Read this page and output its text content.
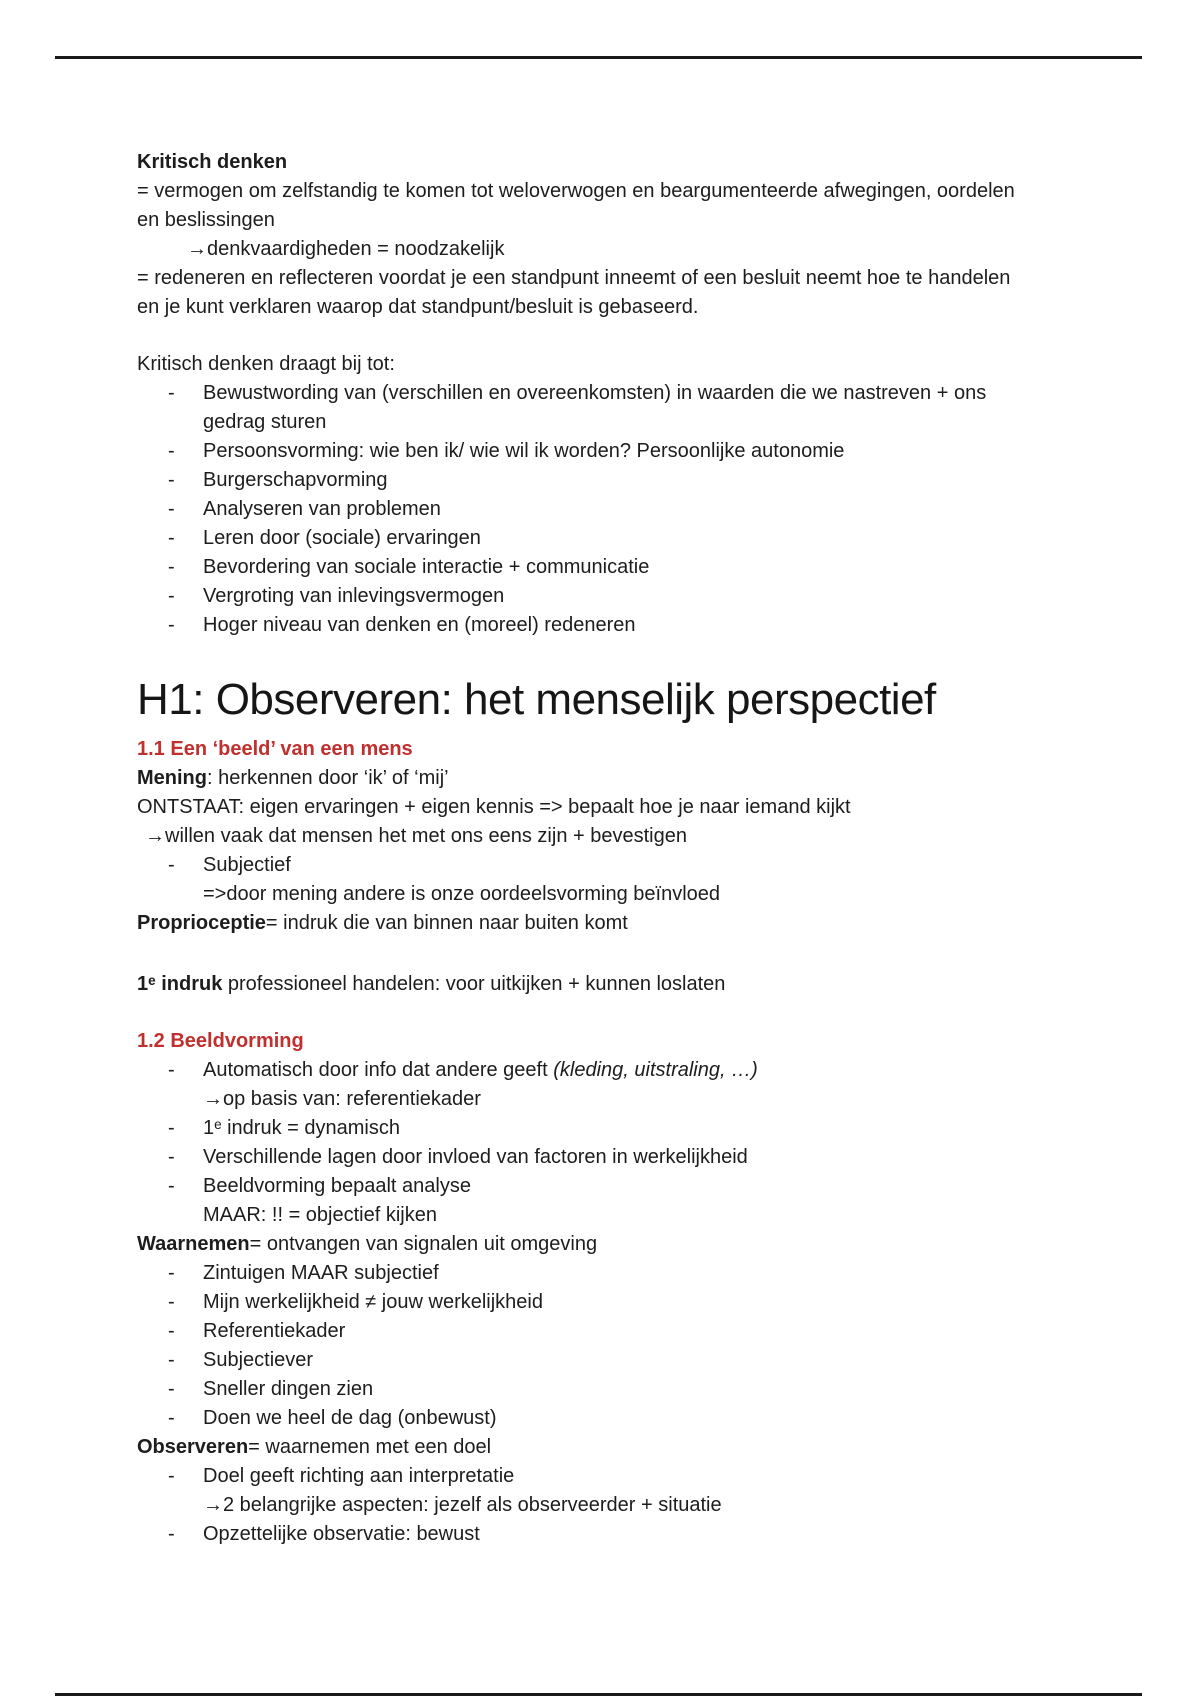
Kritisch denken
= vermogen om zelfstandig te komen tot weloverwogen en beargumenteerde afwegingen, oordelen
en beslissingen
→denkvaardigheden = noodzakelijk
= redeneren en reflecteren voordat je een standpunt inneemt of een besluit neemt hoe te handelen
en je kunt verklaren waarop dat standpunt/besluit is gebaseerd.
Kritisch denken draagt bij tot:
-	Bewustwording van (verschillen en overeenkomsten) in waarden die we nastreven + ons
gedrag sturen
-	Persoonsvorming: wie ben ik/ wie wil ik worden? Persoonlijke autonomie
-	Burgerschapvorming
-	Analyseren van problemen
-	Leren door (sociale) ervaringen
-	Bevordering van sociale interactie + communicatie
-	Vergroting van inlevingsvermogen
-	Hoger niveau van denken en (moreel) redeneren
H1: Observeren: het menselijk perspectief
1.1 Een ‘beeld’ van een mens
Mening: herkennen door ‘ik’ of ‘mij’
ONTSTAAT: eigen ervaringen + eigen kennis => bepaalt hoe je naar iemand kijkt
→willen vaak dat mensen het met ons eens zijn + bevestigen
-	Subjectief
=>door mening andere is onze oordeelsvorming beïnvloed
Proprioceptie= indruk die van binnen naar buiten komt
1ᵉ indruk professioneel handelen: voor uitkijken + kunnen loslaten
1.2 Beeldvorming
-	Automatisch door info dat andere geeft (kleding, uitstraling, …)
→op basis van: referentiekader
-	1ᵉ indruk = dynamisch
-	Verschillende lagen door invloed van factoren in werkelijkheid
-	Beeldvorming bepaalt analyse
MAAR: !! = objectief kijken
Waarnemen= ontvangen van signalen uit omgeving
-	Zintuigen MAAR subjectief
-	Mijn werkelijkheid ≠ jouw werkelijkheid
-	Referentiekader
-	Subjectiever
-	Sneller dingen zien
-	Doen we heel de dag (onbewust)
Observeren= waarnemen met een doel
-	Doel geeft richting aan interpretatie
→2 belangrijke aspecten: jezelf als observeerder + situatie
-	Opzettelijke observatie: bewust
